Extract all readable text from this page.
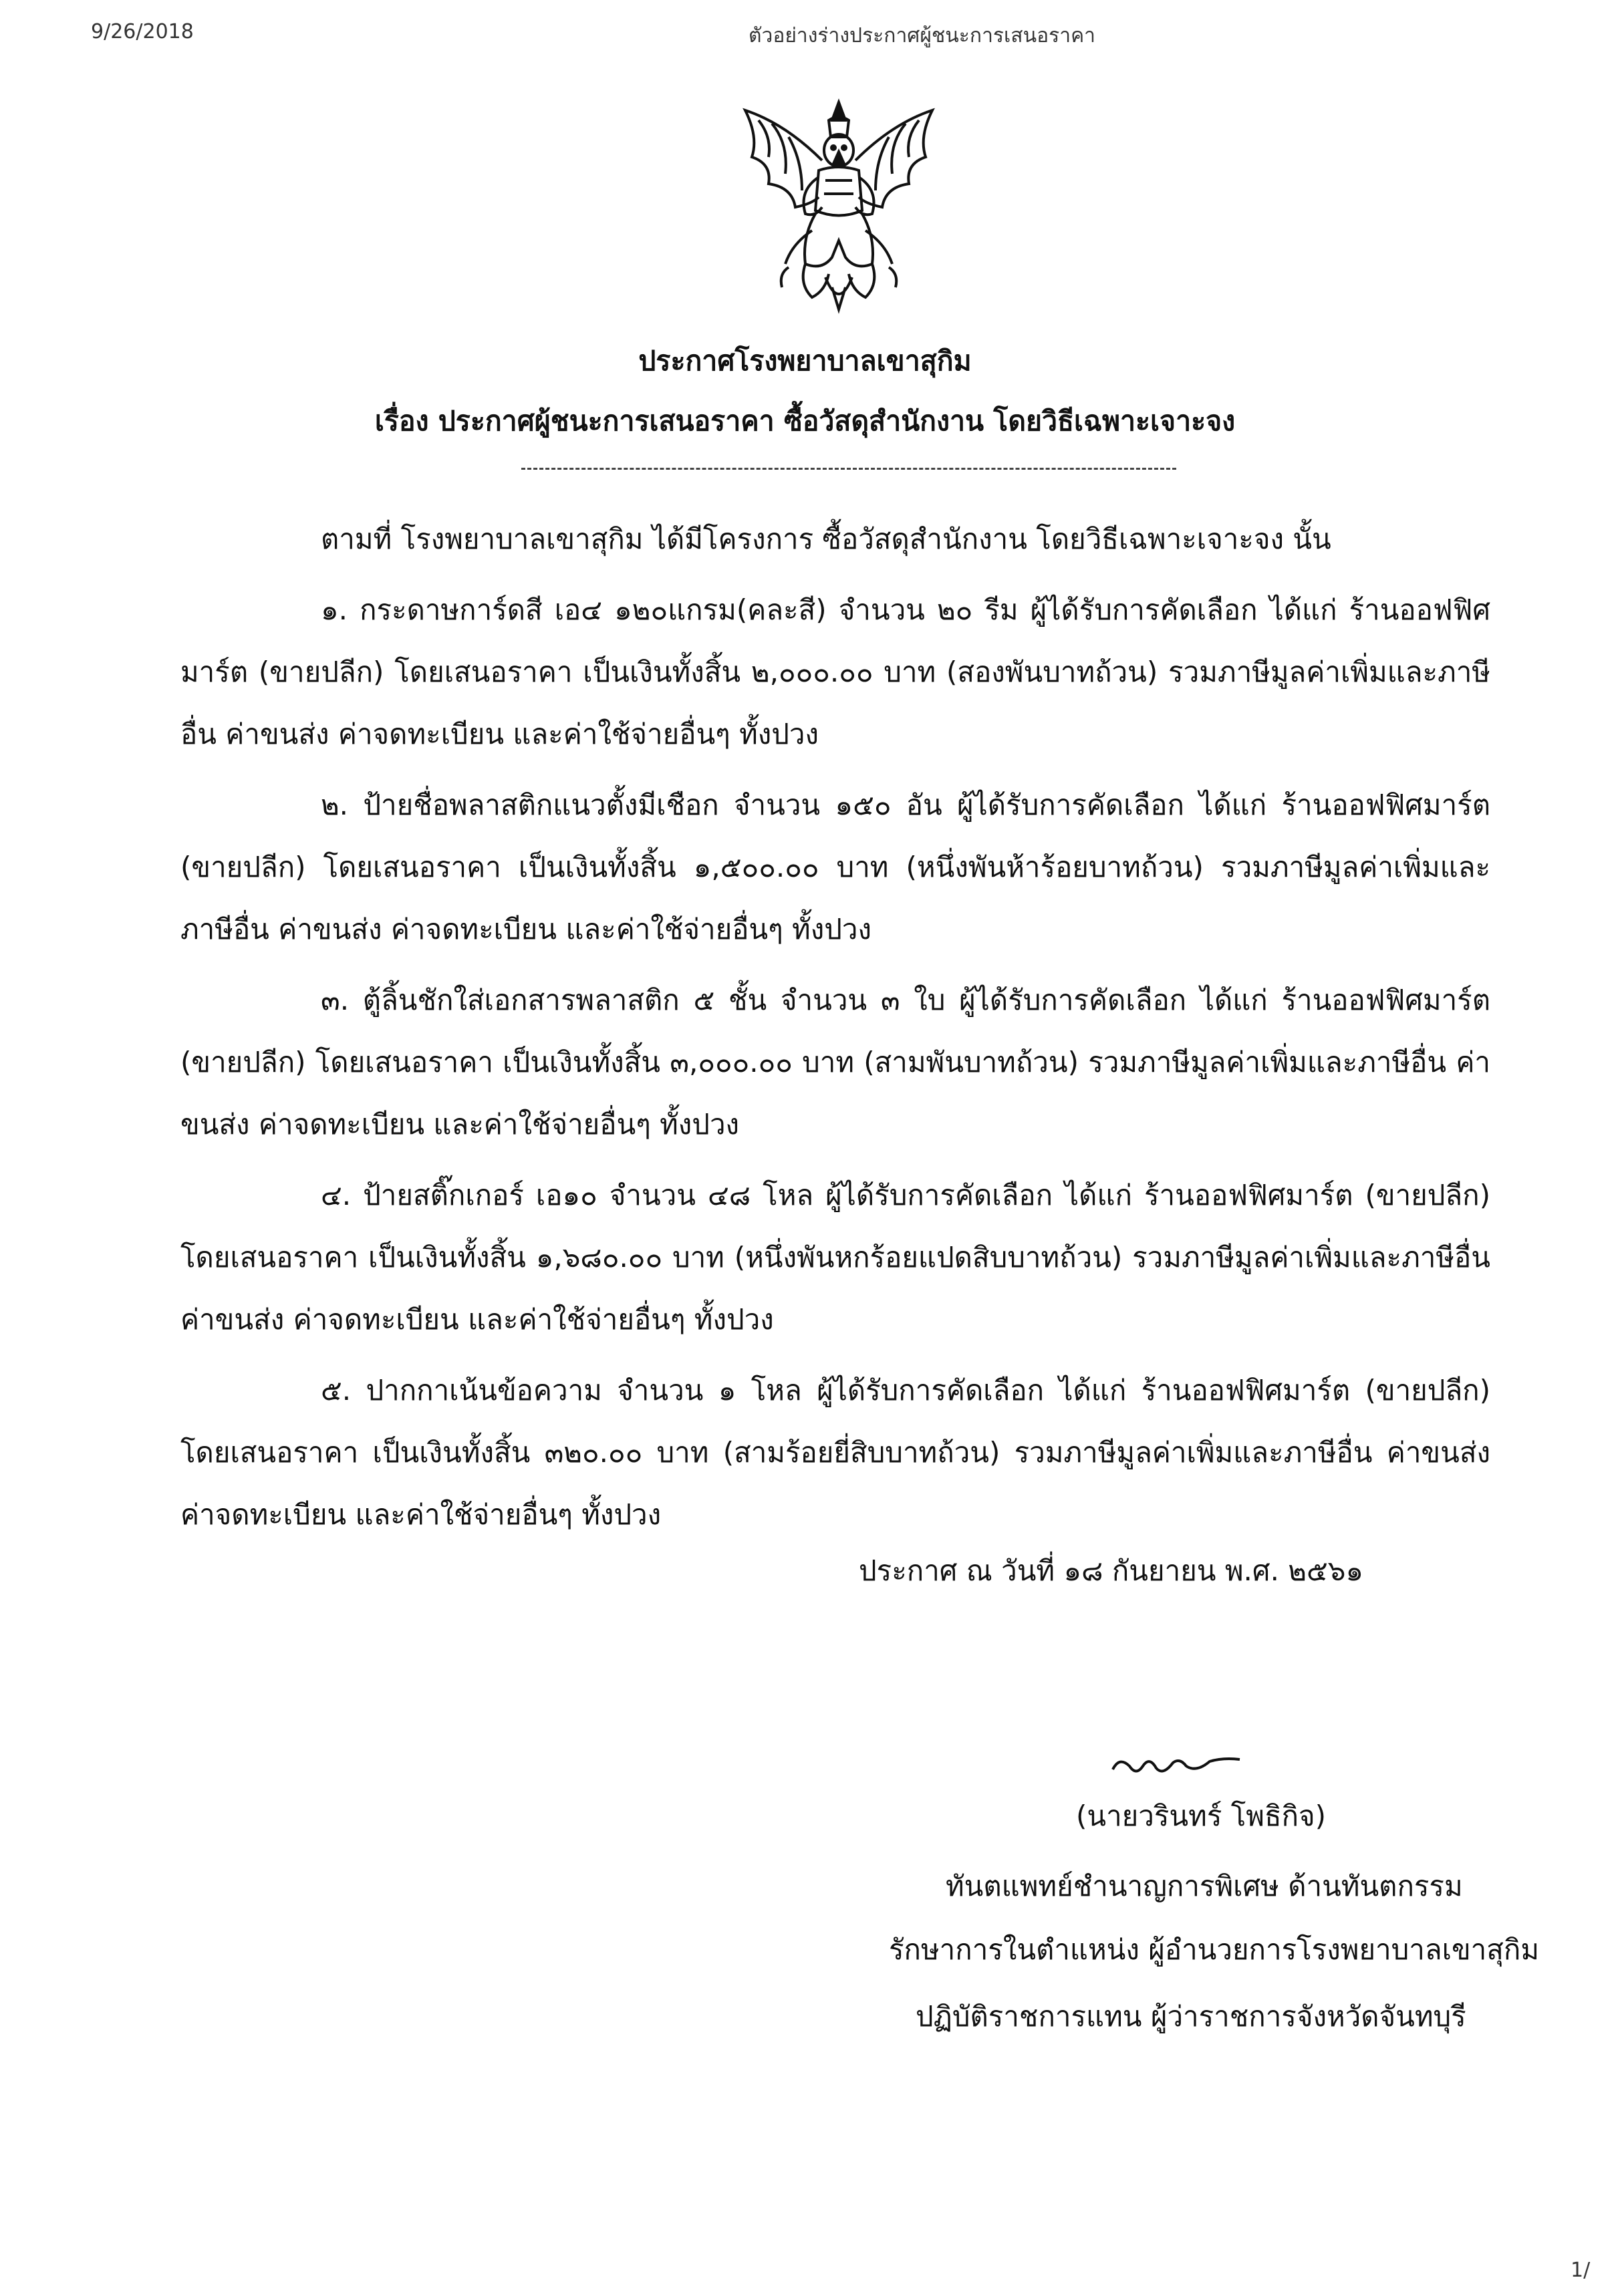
9/26/2018	ตัวอย่างร่างประกาศผู้ชนะการเสนอราคา
ประกาศโรงพยาบาลเขาสุกิม
เรื่อง ประกาศผู้ชนะการเสนอราคา ซื้อวัสดุสำนักงาน โดยวิธีเฉพาะเจาะจง

ตามที่ โรงพยาบาลเขาสุกิม ได้มีโครงการ ซื้อวัสดุสำนักงาน โดยวิธีเฉพาะเจาะจง นั้น

๑. กระดาษการ์ดสี เอ๔ ๑๒๐แกรม(คละสี) จำนวน ๒๐ รีม ผู้ได้รับการคัดเลือก ได้แก่ ร้านออฟฟิศมาร์ต (ขายปลีก) โดยเสนอราคา เป็นเงินทั้งสิ้น ๒,๐๐๐.๐๐ บาท (สองพันบาทถ้วน) รวมภาษีมูลค่าเพิ่มและภาษีอื่น ค่าขนส่ง ค่าจดทะเบียน และค่าใช้จ่ายอื่นๆ ทั้งปวง

๒. ป้ายชื่อพลาสติกแนวตั้งมีเชือก จำนวน ๑๕๐ อัน ผู้ได้รับการคัดเลือก ได้แก่ ร้านออฟฟิศมาร์ต (ขายปลีก) โดยเสนอราคา เป็นเงินทั้งสิ้น ๑,๕๐๐.๐๐ บาท (หนึ่งพันห้าร้อยบาทถ้วน) รวมภาษีมูลค่าเพิ่มและภาษีอื่น ค่าขนส่ง ค่าจดทะเบียน และค่าใช้จ่ายอื่นๆ ทั้งปวง

๓. ตู้ลิ้นชักใส่เอกสารพลาสติก ๕ ชั้น จำนวน ๓ ใบ ผู้ได้รับการคัดเลือก ได้แก่ ร้านออฟฟิศมาร์ต (ขายปลีก) โดยเสนอราคา เป็นเงินทั้งสิ้น ๓,๐๐๐.๐๐ บาท (สามพันบาทถ้วน) รวมภาษีมูลค่าเพิ่มและภาษีอื่น ค่าขนส่ง ค่าจดทะเบียน และค่าใช้จ่ายอื่นๆ ทั้งปวง

๔. ป้ายสติ๊กเกอร์ เอ๑๐ จำนวน ๔๘ โหล ผู้ได้รับการคัดเลือก ได้แก่ ร้านออฟฟิศมาร์ต (ขายปลีก) โดยเสนอราคา เป็นเงินทั้งสิ้น ๑,๖๘๐.๐๐ บาท (หนึ่งพันหกร้อยแปดสิบบาทถ้วน) รวมภาษีมูลค่าเพิ่มและภาษีอื่น ค่าขนส่ง ค่าจดทะเบียน และค่าใช้จ่ายอื่นๆ ทั้งปวง

๕. ปากกาเน้นข้อความ จำนวน ๑ โหล ผู้ได้รับการคัดเลือก ได้แก่ ร้านออฟฟิศมาร์ต (ขายปลีก) โดยเสนอราคา เป็นเงินทั้งสิ้น ๓๒๐.๐๐ บาท (สามร้อยยี่สิบบาทถ้วน) รวมภาษีมูลค่าเพิ่มและภาษีอื่น ค่าขนส่ง ค่าจดทะเบียน และค่าใช้จ่ายอื่นๆ ทั้งปวง

ประกาศ ณ วันที่ ๑๘ กันยายน พ.ศ. ๒๕๖๑
(นายวรินทร์ โพธิกิจ)
ทันตแพทย์ชำนาญการพิเศษ ด้านทันตกรรม
รักษาการในตำแหน่ง ผู้อำนวยการโรงพยาบาลเขาสุกิม
ปฏิบัติราชการแทน ผู้ว่าราชการจังหวัดจันทบุรี
1/
